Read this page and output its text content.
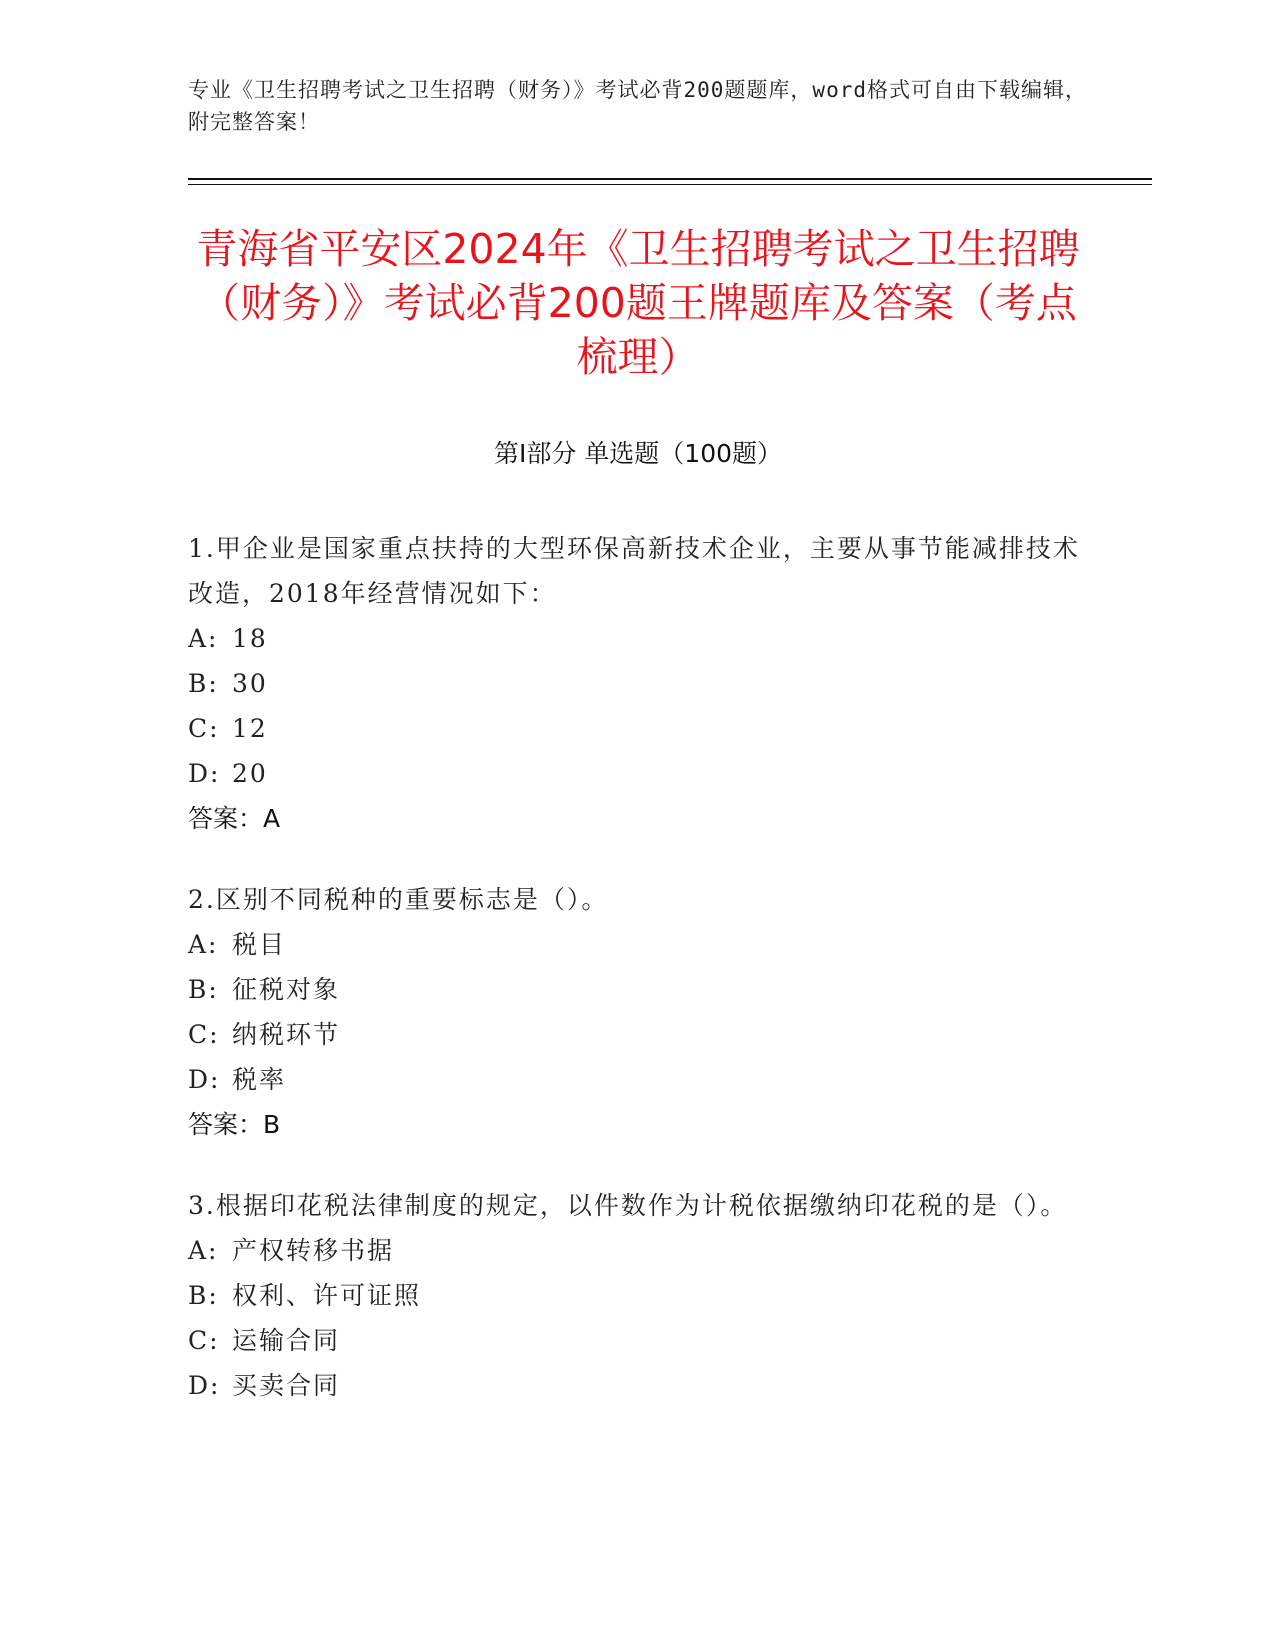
专业《卫生招聘考试之卫生招聘（财务）》考试必背200题题库，word格式可自由下载编辑，附完整答案！
青海省平安区2024年《卫生招聘考试之卫生招聘（财务）》考试必背200题王牌题库及答案（考点梳理）
第I部分 单选题（100题）
1.甲企业是国家重点扶持的大型环保高新技术企业，主要从事节能减排技术改造，2018年经营情况如下：
A: 18
B: 30
C: 12
D: 20
答案：A
2.区别不同税种的重要标志是（）。
A: 税目
B: 征税对象
C: 纳税环节
D: 税率
答案：B
3.根据印花税法律制度的规定，以件数作为计税依据缴纳印花税的是（）。
A: 产权转移书据
B: 权利、许可证照
C: 运输合同
D: 买卖合同
